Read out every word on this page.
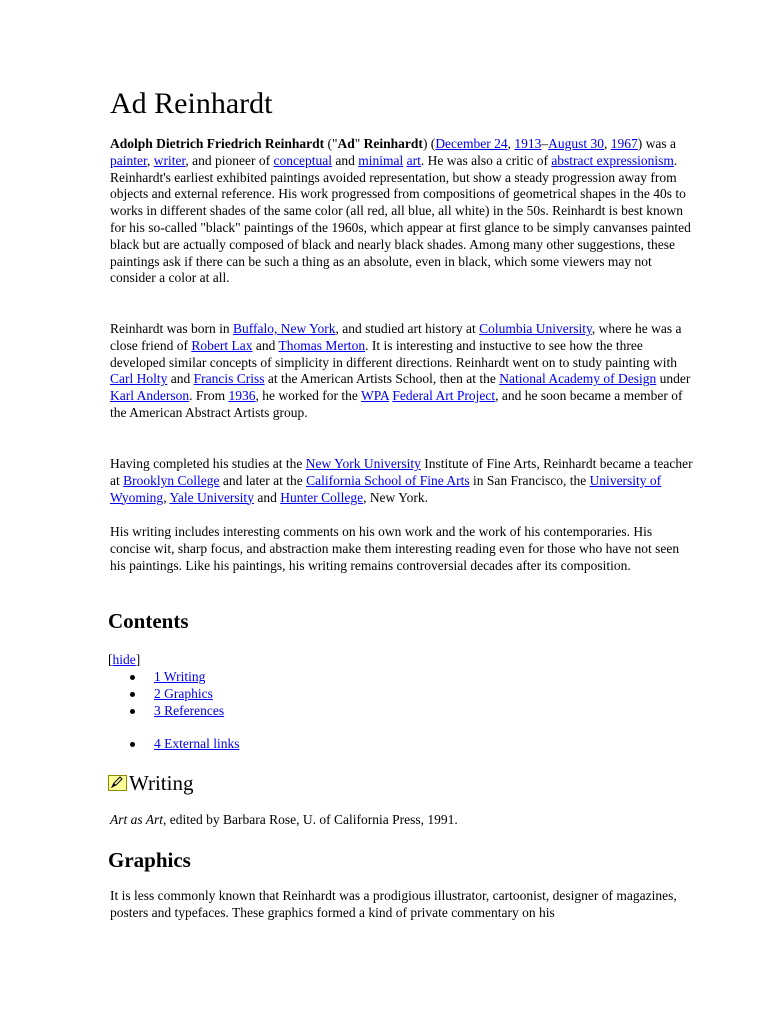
Ad Reinhardt

Adolph Dietrich Friedrich Reinhardt ("Ad" Reinhardt) (December 24, 1913–August 30, 1967) was a painter, writer, and pioneer of conceptual and minimal art. He was also a critic of abstract expressionism. Reinhardt's earliest exhibited paintings avoided representation, but show a steady progression away from objects and external reference. His work progressed from compositions of geometrical shapes in the 40s to works in different shades of the same color (all red, all blue, all white) in the 50s. Reinhardt is best known for his so-called "black" paintings of the 1960s, which appear at first glance to be simply canvanses painted black but are actually composed of black and nearly black shades. Among many other suggestions, these paintings ask if there can be such a thing as an absolute, even in black, which some viewers may not consider a color at all.

Reinhardt was born in Buffalo, New York, and studied art history at Columbia University, where he was a close friend of Robert Lax and Thomas Merton. It is interesting and instuctive to see how the three developed similar concepts of simplicity in different directions. Reinhardt went on to study painting with Carl Holty and Francis Criss at the American Artists School, then at the National Academy of Design under Karl Anderson. From 1936, he worked for the WPA Federal Art Project, and he soon became a member of the American Abstract Artists group.

Having completed his studies at the New York University Institute of Fine Arts, Reinhardt became a teacher at Brooklyn College and later at the California School of Fine Arts in San Francisco, the University of Wyoming, Yale University and Hunter College, New York.

His writing includes interesting comments on his own work and the work of his contemporaries. His concise wit, sharp focus, and abstraction make them interesting reading even for those who have not seen his paintings. Like his paintings, his writing remains controversial decades after its composition.

Contents
[hide]
1 Writing
2 Graphics
3 References
4 External links
Writing

Art as Art, edited by Barbara Rose, U. of California Press, 1991.

Graphics

It is less commonly known that Reinhardt was a prodigious illustrator, cartoonist, designer of magazines, posters and typefaces. These graphics formed a kind of private commentary on his
